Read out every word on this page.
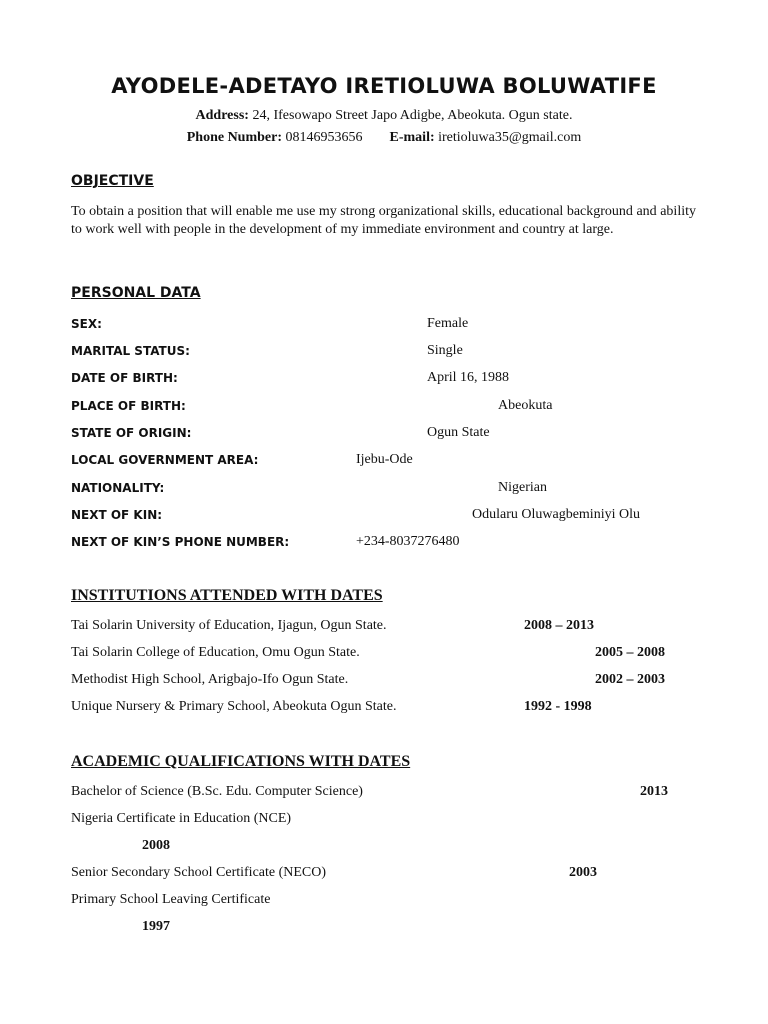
AYODELE-ADETAYO IRETIOLUWA BOLUWATIFE
Address: 24, Ifesowapo Street Japo Adigbe, Abeokuta. Ogun state.
Phone Number: 08146953656 E-mail: iretioluwa35@gmail.com
OBJECTIVE
To obtain a position that will enable me use my strong organizational skills, educational background and ability to work well with people in the development of my immediate environment and country at large.
PERSONAL DATA
SEX:	Female
MARITAL STATUS:	Single
DATE OF BIRTH:	April 16, 1988
PLACE OF BIRTH:	Abeokuta
STATE OF ORIGIN:	Ogun State
LOCAL GOVERNMENT AREA:	Ijebu-Ode
NATIONALITY:	Nigerian
NEXT OF KIN:	Odularu Oluwagbeminiyi Olu
NEXT OF KIN’S PHONE NUMBER:	+234-8037276480
INSTITUTIONS ATTENDED WITH DATES
Tai Solarin University of Education, Ijagun, Ogun State.	2008 – 2013
Tai Solarin College of Education, Omu Ogun State.	2005 – 2008
Methodist High School, Arigbajo-Ifo Ogun State.	2002 – 2003
Unique Nursery & Primary School, Abeokuta Ogun State.	1992 - 1998
ACADEMIC QUALIFICATIONS WITH DATES
Bachelor of Science (B.Sc. Edu. Computer Science)	2013
Nigeria Certificate in Education (NCE)
2008
Senior Secondary School Certificate (NECO)	2003
Primary School Leaving Certificate
1997
